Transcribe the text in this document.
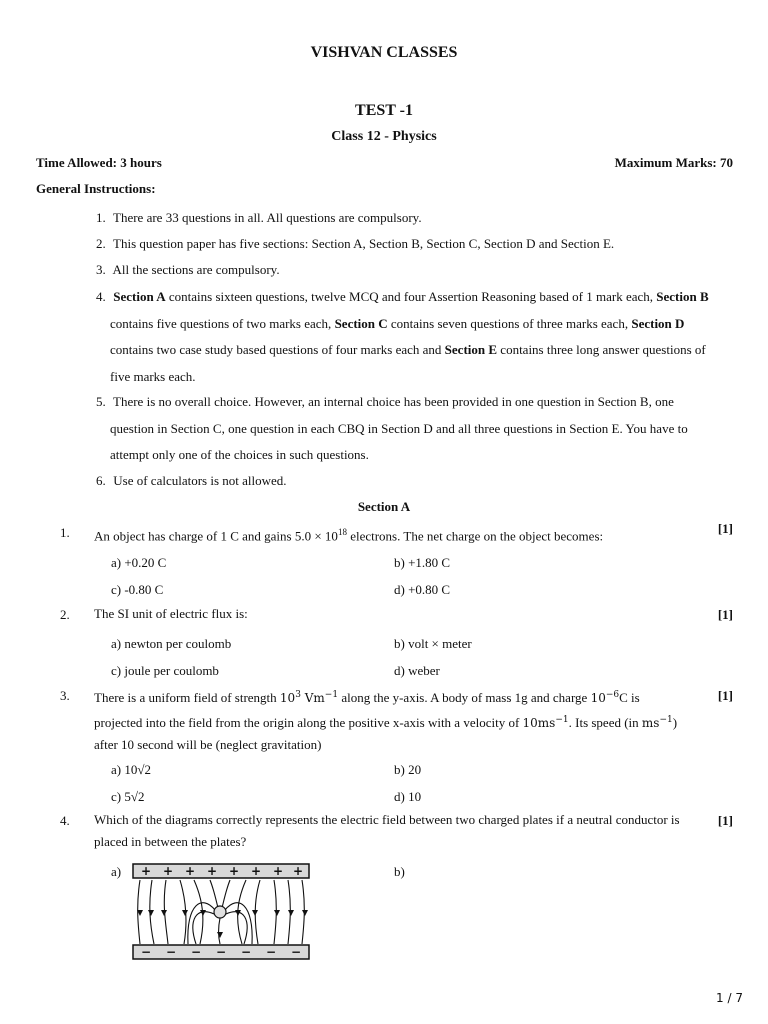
VISHVAN CLASSES
TEST -1
Class 12 - Physics
Time Allowed: 3 hours	Maximum Marks: 70
General Instructions:
1. There are 33 questions in all. All questions are compulsory.
2. This question paper has five sections: Section A, Section B, Section C, Section D and Section E.
3. All the sections are compulsory.
4. Section A contains sixteen questions, twelve MCQ and four Assertion Reasoning based of 1 mark each, Section B
contains five questions of two marks each, Section C contains seven questions of three marks each, Section D
contains two case study based questions of four marks each and Section E contains three long answer questions of
five marks each.
5. There is no overall choice. However, an internal choice has been provided in one question in Section B, one
question in Section C, one question in each CBQ in Section D and all three questions in Section E. You have to
attempt only one of the choices in such questions.
6. Use of calculators is not allowed.
Section A
1. An object has charge of 1 C and gains $5.0 \times 10^{18}$ electrons. The net charge on the object becomes:	[1]
a) +0.20 C	b) +1.80 C
c) -0.80 C	d) +0.80 C
2. The SI unit of electric flux is:	[1]
a) newton per coulomb	b) volt × meter
c) joule per coulomb	d) weber
3. There is a uniform field of strength $10^3$ $Vm^{-1}$ along the y-axis. A body of mass 1g and charge $10^{-6}C$ is
projected into the field from the origin along the positive x-axis with a velocity of $10ms^{-1}$. Its speed (in $ms^{-1}$)
after 10 second will be (neglect gravitation)
[1]
a) 10√2	b) 20
c) 5√2	d) 10
4. Which of the diagrams correctly represents the electric field between two charged plates if a neutral conductor is
placed in between the plates?
[1]
a)	b)
+ + + + + + + +
− − − − − − −
1 / 7
